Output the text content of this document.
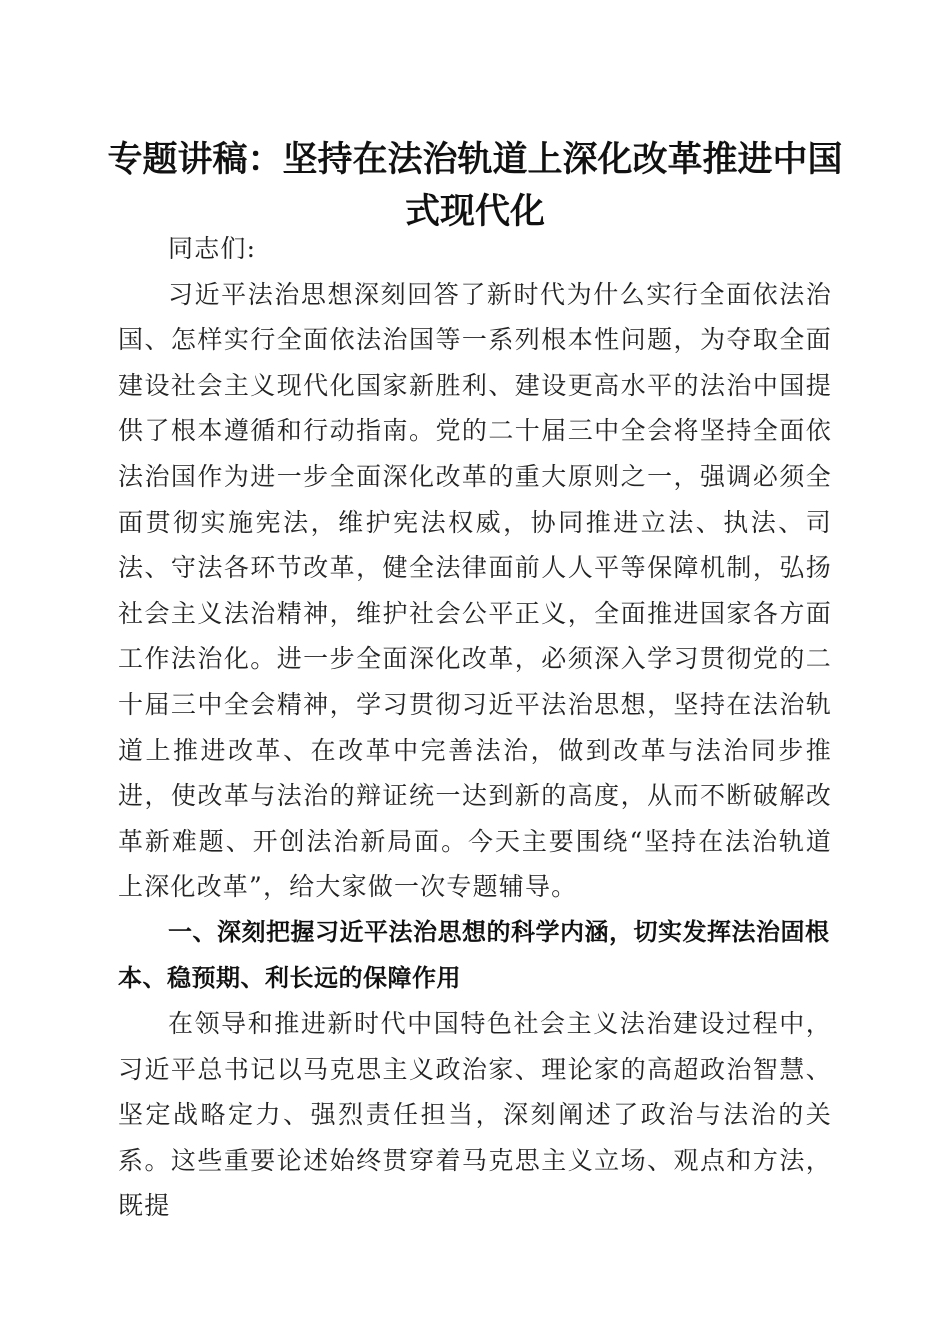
专题讲稿：坚持在法治轨道上深化改革推进中国式现代化

同志们:

习近平法治思想深刻回答了新时代为什么实行全面依法治国、怎样实行全面依法治国等一系列根本性问题，为夺取全面建设社会主义现代化国家新胜利、建设更高水平的法治中国提供了根本遵循和行动指南。党的二十届三中全会将坚持全面依法治国作为进一步全面深化改革的重大原则之一，强调必须全面贯彻实施宪法，维护宪法权威，协同推进立法、执法、司法、守法各环节改革，健全法律面前人人平等保障机制，弘扬社会主义法治精神，维护社会公平正义，全面推进国家各方面工作法治化。进一步全面深化改革，必须深入学习贯彻党的二十届三中全会精神，学习贯彻习近平法治思想，坚持在法治轨道上推进改革、在改革中完善法治，做到改革与法治同步推进，使改革与法治的辩证统一达到新的高度，从而不断破解改革新难题、开创法治新局面。今天主要围绕“坚持在法治轨道上深化改革”，给大家做一次专题辅导。

一、深刻把握习近平法治思想的科学内涵，切实发挥法治固根本、稳预期、利长远的保障作用

在领导和推进新时代中国特色社会主义法治建设过程中，习近平总书记以马克思主义政治家、理论家的高超政治智慧、坚定战略定力、强烈责任担当，深刻阐述了政治与法治的关系。这些重要论述始终贯穿着马克思主义立场、观点和方法，既提
